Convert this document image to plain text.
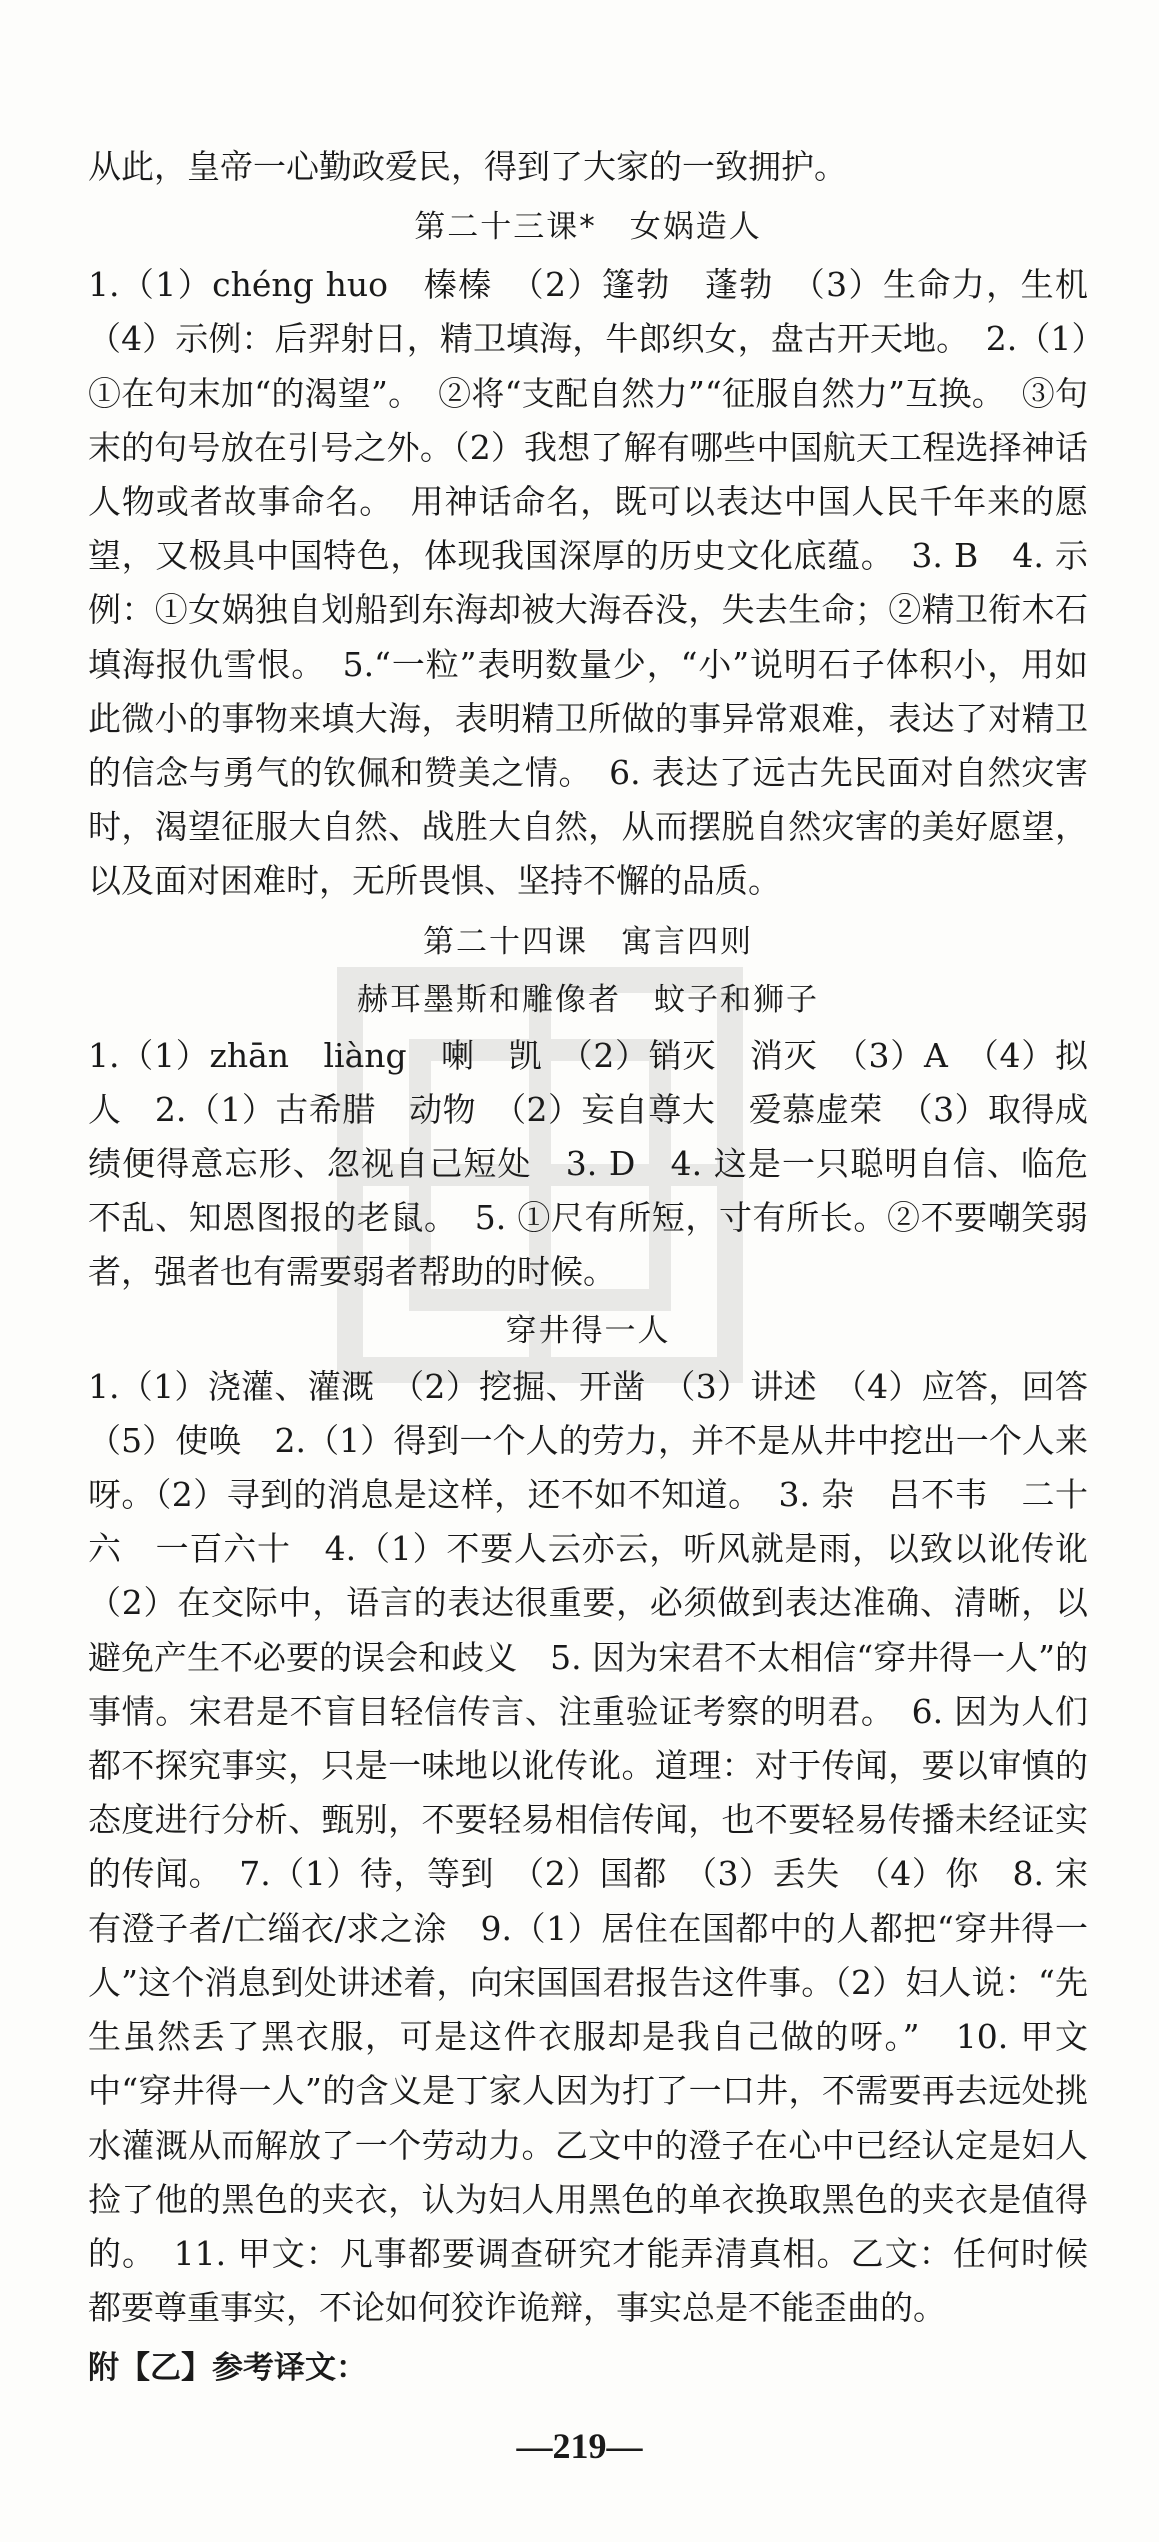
从此，皇帝一心勤政爱民，得到了大家的一致拥护。

第二十三课*　女娲造人

1.（1）chéng huo　榛榛　（2）篷勃　蓬勃　（3）生命力，生机　（4）示例：后羿射日，精卫填海，牛郎织女，盘古开天地。　2.（1）①在句末加“的渴望”。　②将“支配自然力”“征服自然力”互换。　③句末的句号放在引号之外。（2）我想了解有哪些中国航天工程选择神话人物或者故事命名。　用神话命名，既可以表达中国人民千年来的愿望，又极具中国特色，体现我国深厚的历史文化底蕴。　3. B　4. 示例：①女娲独自划船到东海却被大海吞没，失去生命；②精卫衔木石填海报仇雪恨。　5.“一粒”表明数量少，“小”说明石子体积小，用如此微小的事物来填大海，表明精卫所做的事异常艰难，表达了对精卫的信念与勇气的钦佩和赞美之情。　6. 表达了远古先民面对自然灾害时，渴望征服大自然、战胜大自然，从而摆脱自然灾害的美好愿望，以及面对困难时，无所畏惧、坚持不懈的品质。

第二十四课　寓言四则
赫耳墨斯和雕像者　蚊子和狮子

1.（1）zhān　liàng　喇　凯　（2）销灭　消灭　（3）A　（4）拟人　2.（1）古希腊　动物　（2）妄自尊大　爱慕虚荣　（3）取得成绩便得意忘形、忽视自己短处　3. D　4. 这是一只聪明自信、临危不乱、知恩图报的老鼠。　5. ①尺有所短，寸有所长。②不要嘲笑弱者，强者也有需要弱者帮助的时候。

穿井得一人

1.（1）浇灌、灌溉　（2）挖掘、开凿　（3）讲述　（4）应答，回答　（5）使唤　2.（1）得到一个人的劳力，并不是从井中挖出一个人来呀。（2）寻到的消息是这样，还不如不知道。　3. 杂　吕不韦　二十六　一百六十　4.（1）不要人云亦云，听风就是雨，以致以讹传讹　（2）在交际中，语言的表达很重要，必须做到表达准确、清晰，以避免产生不必要的误会和歧义　5. 因为宋君不太相信“穿井得一人”的事情。宋君是不盲目轻信传言、注重验证考察的明君。　6. 因为人们都不探究事实，只是一味地以讹传讹。道理：对于传闻，要以审慎的态度进行分析、甄别，不要轻易相信传闻，也不要轻易传播未经证实的传闻。　7.（1）待，等到　（2）国都　（3）丢失　（4）你　8. 宋有澄子者/亡缁衣/求之涂　9.（1）居住在国都中的人都把“穿井得一人”这个消息到处讲述着，向宋国国君报告这件事。（2）妇人说：“先生虽然丢了黑衣服，可是这件衣服却是我自己做的呀。”　10. 甲文中“穿井得一人”的含义是丁家人因为打了一口井，不需要再去远处挑水灌溉从而解放了一个劳动力。乙文中的澄子在心中已经认定是妇人捡了他的黑色的夹衣，认为妇人用黑色的单衣换取黑色的夹衣是值得的。　11. 甲文：凡事都要调查研究才能弄清真相。乙文：任何时候都要尊重事实，不论如何狡诈诡辩，事实总是不能歪曲的。

附【乙】参考译文：
—219—
